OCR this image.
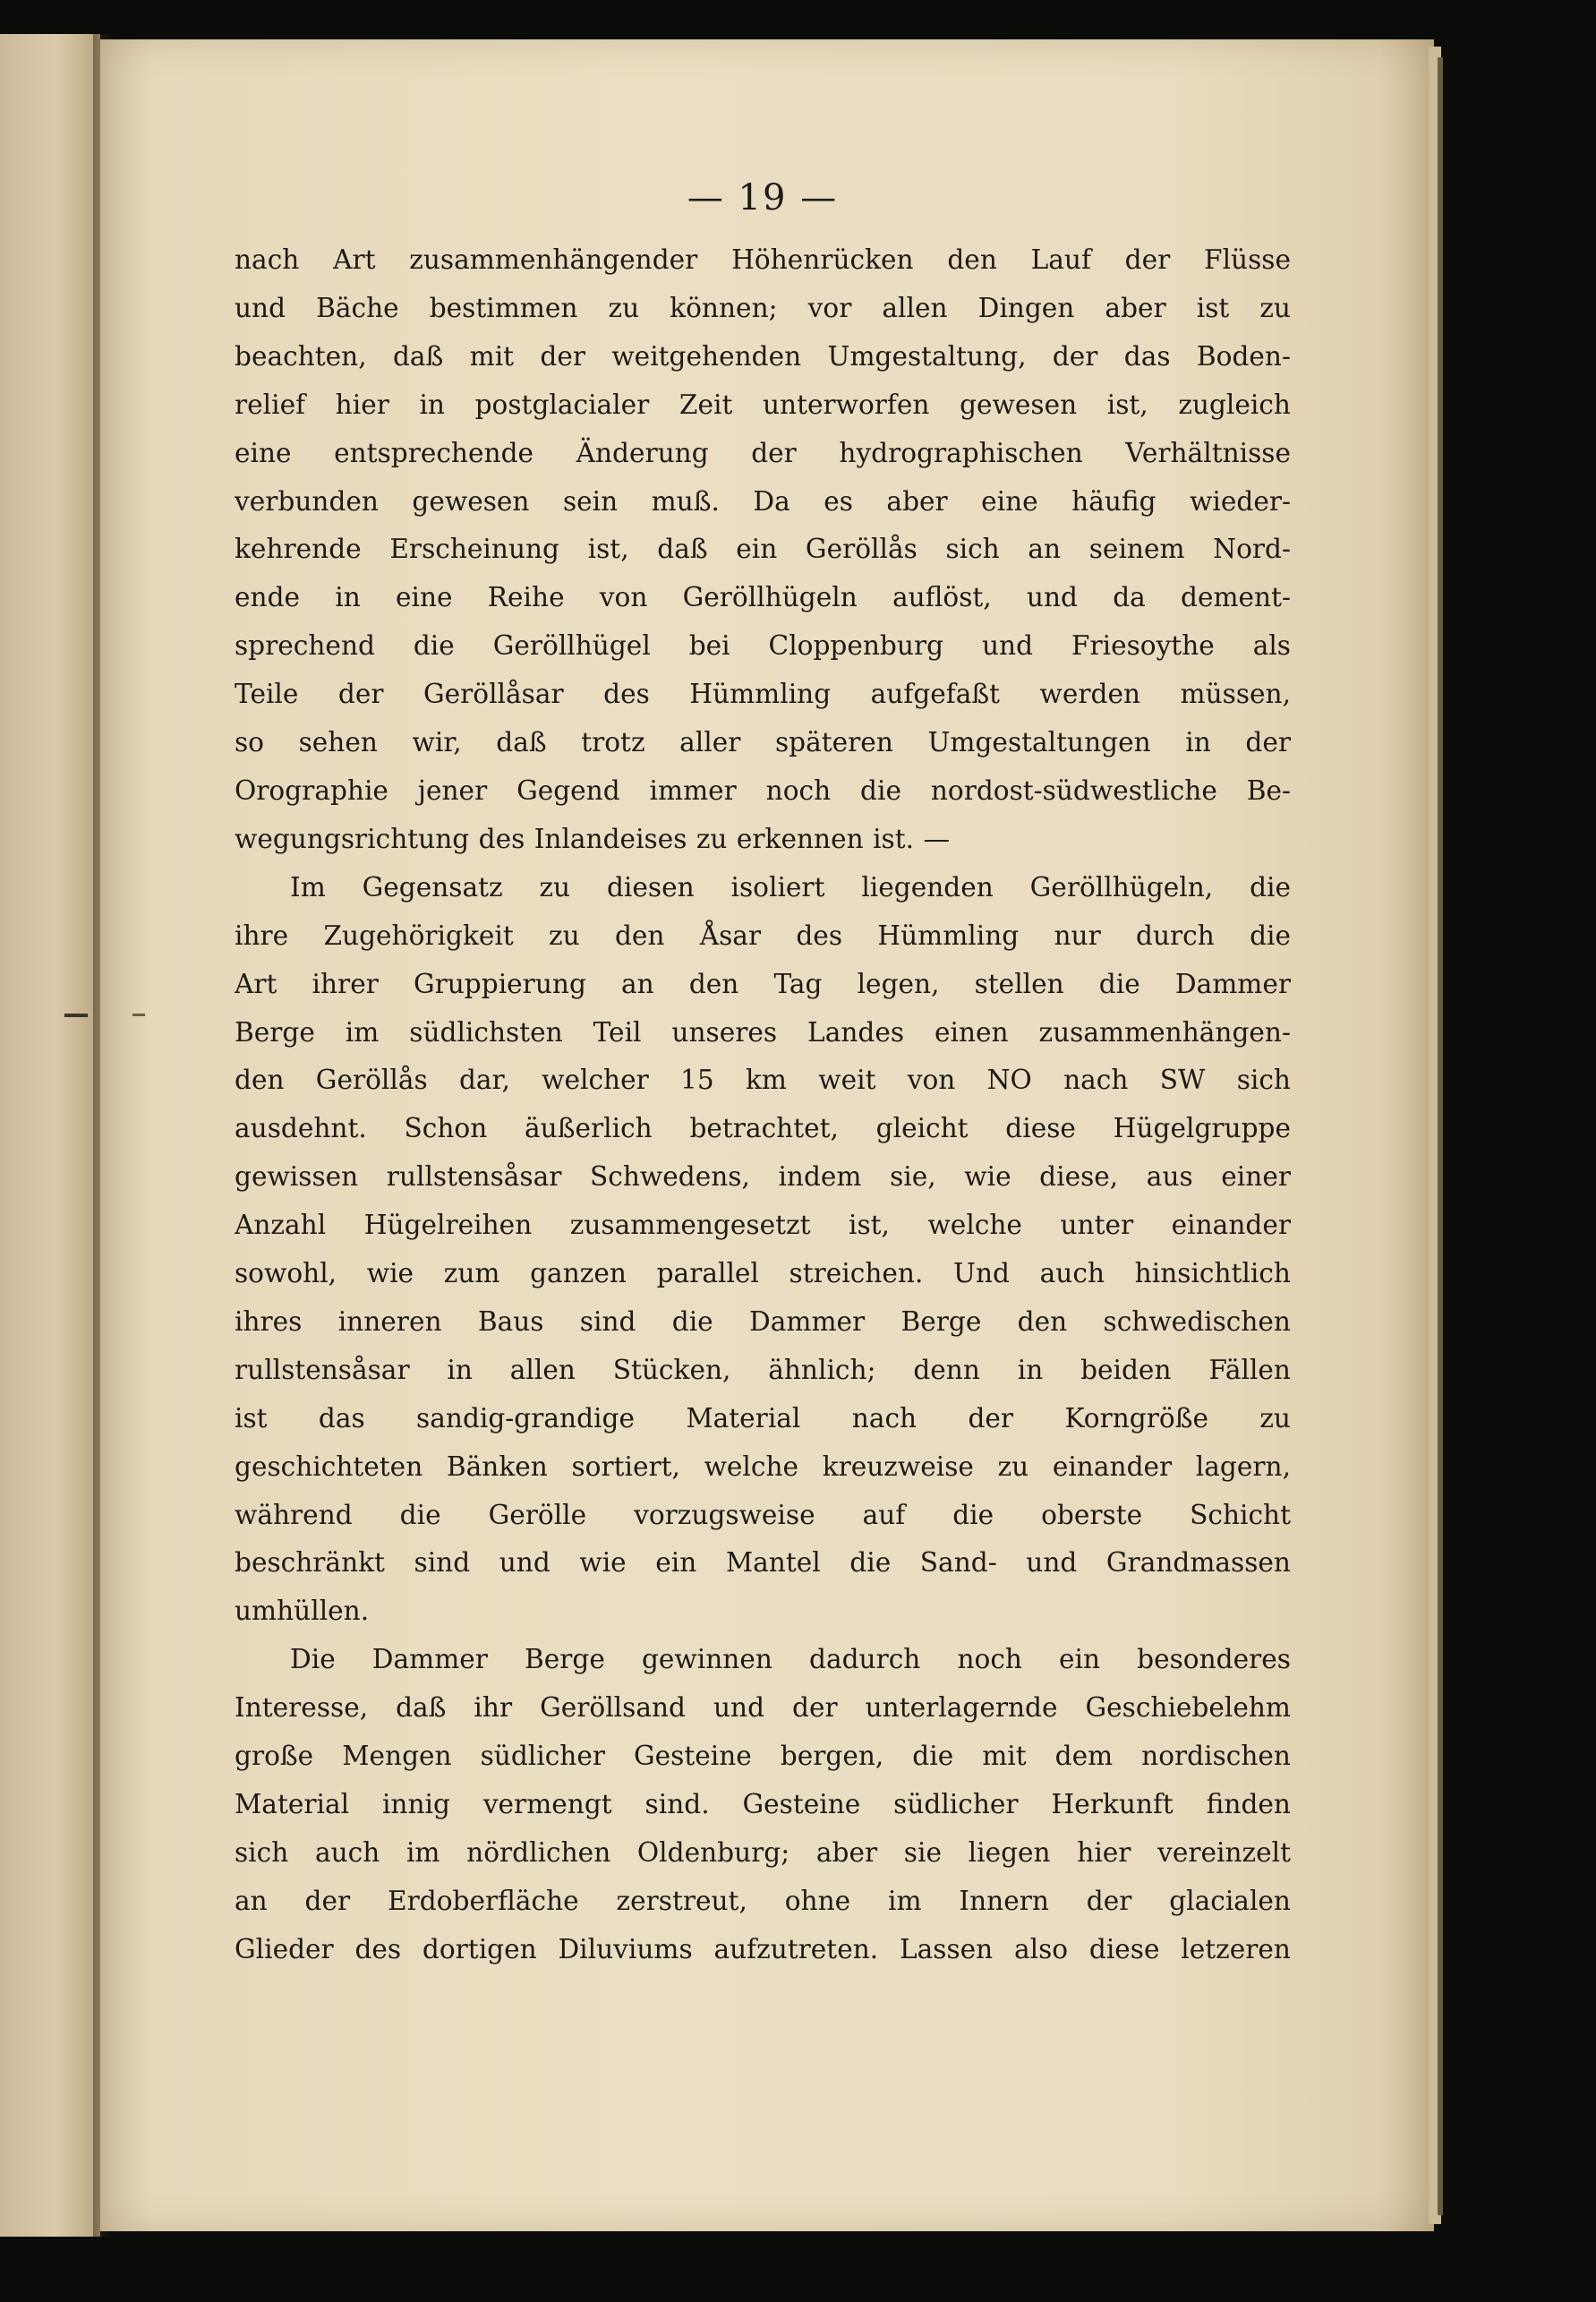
— 19 —
nach Art zusammenhängender Höhenrücken den Lauf der Flüsse
und Bäche bestimmen zu können; vor allen Dingen aber ist zu
beachten, daß mit der weitgehenden Umgestaltung, der das Boden-
relief hier in postglacialer Zeit unterworfen gewesen ist, zugleich
eine entsprechende Änderung der hydrographischen Verhältnisse
verbunden gewesen sein muß. Da es aber eine häufig wieder-
kehrende Erscheinung ist, daß ein Geröllås sich an seinem Nord-
ende in eine Reihe von Geröllhügeln auflöst, und da dement-
sprechend die Geröllhügel bei Cloppenburg und Friesoythe als
Teile der Geröllåsar des Hümmling aufgefaßt werden müssen,
so sehen wir, daß trotz aller späteren Umgestaltungen in der
Orographie jener Gegend immer noch die nordost-südwestliche Be-
wegungsrichtung des Inlandeises zu erkennen ist. —
Im Gegensatz zu diesen isoliert liegenden Geröllhügeln, die
ihre Zugehörigkeit zu den Åsar des Hümmling nur durch die
Art ihrer Gruppierung an den Tag legen, stellen die Dammer
Berge im südlichsten Teil unseres Landes einen zusammenhängen-
den Geröllås dar, welcher 15 km weit von NO nach SW sich
ausdehnt. Schon äußerlich betrachtet, gleicht diese Hügelgruppe
gewissen rullstensåsar Schwedens, indem sie, wie diese, aus einer
Anzahl Hügelreihen zusammengesetzt ist, welche unter einander
sowohl, wie zum ganzen parallel streichen. Und auch hinsichtlich
ihres inneren Baus sind die Dammer Berge den schwedischen
rullstensåsar in allen Stücken, ähnlich; denn in beiden Fällen
ist das sandig-grandige Material nach der Korngröße zu
geschichteten Bänken sortiert, welche kreuzweise zu einander lagern,
während die Gerölle vorzugsweise auf die oberste Schicht
beschränkt sind und wie ein Mantel die Sand- und Grandmassen
umhüllen.
Die Dammer Berge gewinnen dadurch noch ein besonderes
Interesse, daß ihr Geröllsand und der unterlagernde Geschiebelehm
große Mengen südlicher Gesteine bergen, die mit dem nordischen
Material innig vermengt sind. Gesteine südlicher Herkunft finden
sich auch im nördlichen Oldenburg; aber sie liegen hier vereinzelt
an der Erdoberfläche zerstreut, ohne im Innern der glacialen
Glieder des dortigen Diluviums aufzutreten. Lassen also diese letzeren
